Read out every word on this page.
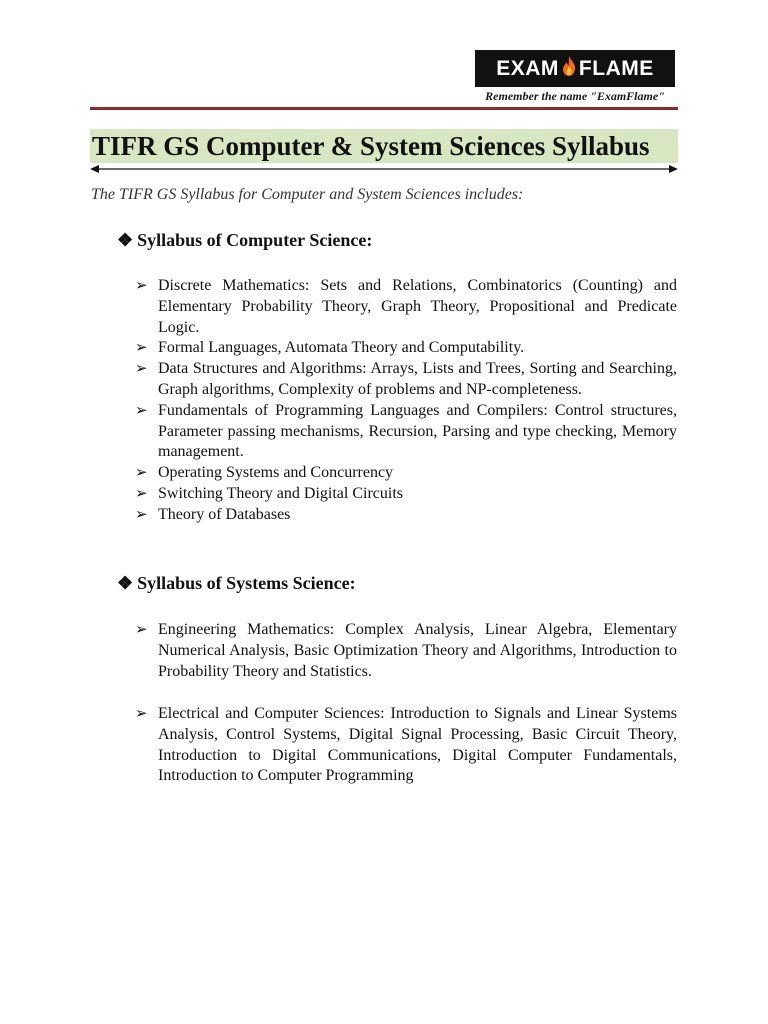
EXAM FLAME
Remember the name "ExamFlame"
TIFR GS Computer & System Sciences Syllabus
The TIFR GS Syllabus for Computer and System Sciences includes:
❖ Syllabus of Computer Science:
➢ Discrete Mathematics: Sets and Relations, Combinatorics (Counting) and Elementary Probability Theory, Graph Theory, Propositional and Predicate Logic.
➢ Formal Languages, Automata Theory and Computability.
➢ Data Structures and Algorithms: Arrays, Lists and Trees, Sorting and Searching, Graph algorithms, Complexity of problems and NP-completeness.
➢ Fundamentals of Programming Languages and Compilers: Control structures, Parameter passing mechanisms, Recursion, Parsing and type checking, Memory management.
➢ Operating Systems and Concurrency
➢ Switching Theory and Digital Circuits
➢ Theory of Databases
❖ Syllabus of Systems Science:
➢ Engineering Mathematics: Complex Analysis, Linear Algebra, Elementary Numerical Analysis, Basic Optimization Theory and Algorithms, Introduction to Probability Theory and Statistics.
➢ Electrical and Computer Sciences: Introduction to Signals and Linear Systems Analysis, Control Systems, Digital Signal Processing, Basic Circuit Theory, Introduction to Digital Communications, Digital Computer Fundamentals, Introduction to Computer Programming
